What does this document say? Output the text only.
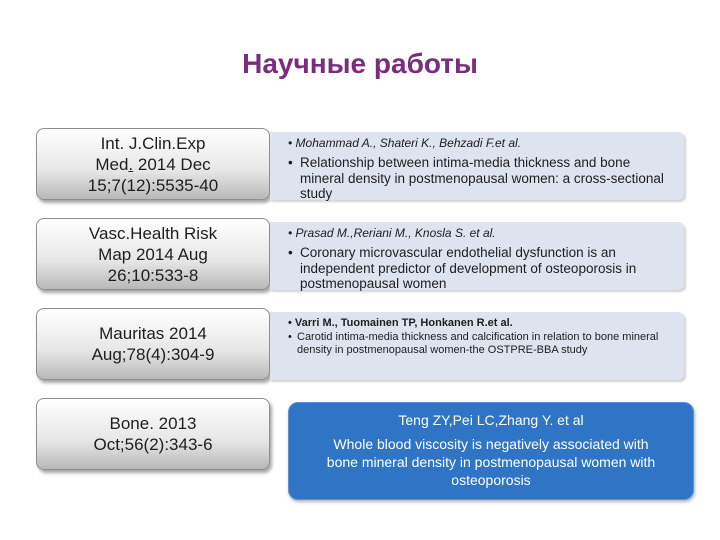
Научные работы
Int. J.Clin.Exp
Med. 2014 Dec
15;7(12):5535-40
• Mohammad A., Shateri K., Behzadi F.et al.
• Relationship between intima-media thickness and bone mineral density in postmenopausal women: a cross-sectional study
Vasc.Health Risk
Map 2014 Aug
26;10:533-8
• Prasad M.,Reriani M., Knosla S. et al.
• Coronary microvascular endothelial dysfunction is an independent predictor of development of osteoporosis in postmenopausal women
Mauritas 2014
Aug;78(4):304-9
• Varri M., Tuomainen TP, Honkanen R.et al.
• Carotid intima-media thickness and calcification in relation to bone mineral density in postmenopausal women-the OSTPRE-BBA study
Bone. 2013
Oct;56(2):343-6
Teng ZY,Pei LC,Zhang Y. et al
Whole blood viscosity is negatively associated with
bone mineral density in postmenopausal women with
osteoporosis
